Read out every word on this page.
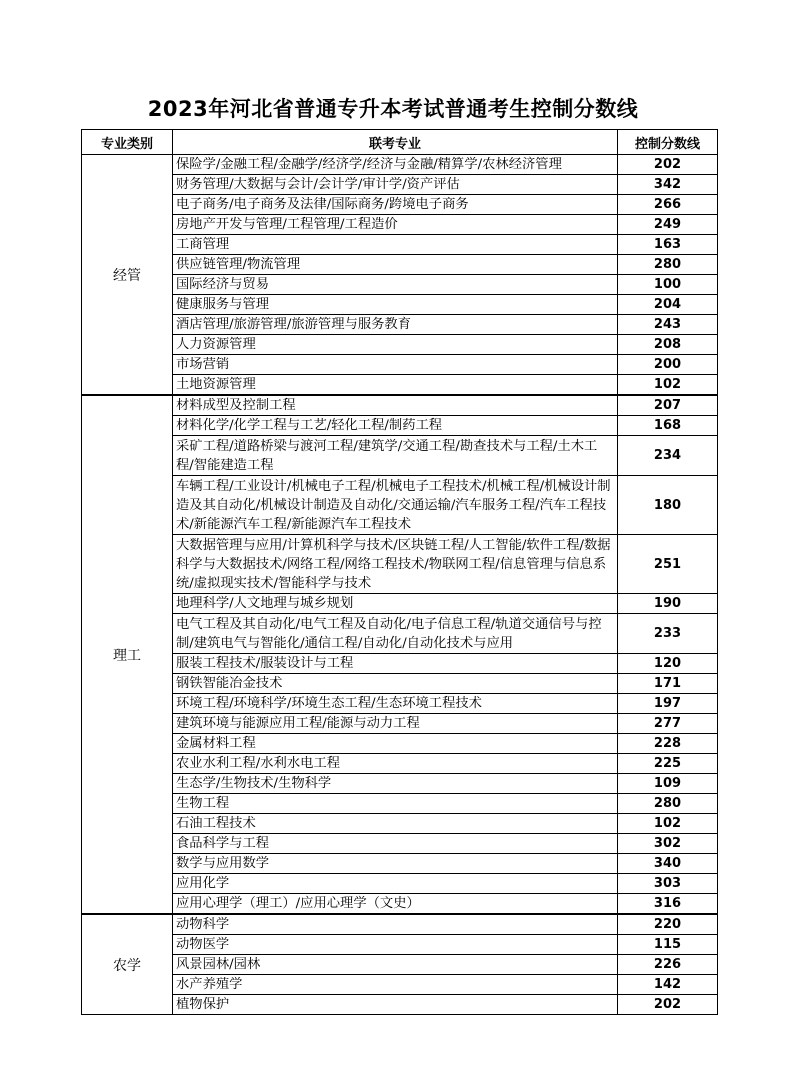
2023年河北省普通专升本考试普通考生控制分数线
专业类别	联考专业	控制分数线
经管	保险学/金融工程/金融学/经济学/经济与金融/精算学/农林经济管理	202
	财务管理/大数据与会计/会计学/审计学/资产评估	342
	电子商务/电子商务及法律/国际商务/跨境电子商务	266
	房地产开发与管理/工程管理/工程造价	249
	工商管理	163
	供应链管理/物流管理	280
	国际经济与贸易	100
	健康服务与管理	204
	酒店管理/旅游管理/旅游管理与服务教育	243
	人力资源管理	208
	市场营销	200
	土地资源管理	102
理工	材料成型及控制工程	207
	材料化学/化学工程与工艺/轻化工程/制药工程	168
	采矿工程/道路桥梁与渡河工程/建筑学/交通工程/勘查技术与工程/土木工程/智能建造工程	234
	车辆工程/工业设计/机械电子工程/机械电子工程技术/机械工程/机械设计制造及其自动化/机械设计制造及自动化/交通运输/汽车服务工程/汽车工程技术/新能源汽车工程/新能源汽车工程技术	180
	大数据管理与应用/计算机科学与技术/区块链工程/人工智能/软件工程/数据科学与大数据技术/网络工程/网络工程技术/物联网工程/信息管理与信息系统/虚拟现实技术/智能科学与技术	251
	地理科学/人文地理与城乡规划	190
	电气工程及其自动化/电气工程及自动化/电子信息工程/轨道交通信号与控制/建筑电气与智能化/通信工程/自动化/自动化技术与应用	233
	服装工程技术/服装设计与工程	120
	钢铁智能冶金技术	171
	环境工程/环境科学/环境生态工程/生态环境工程技术	197
	建筑环境与能源应用工程/能源与动力工程	277
	金属材料工程	228
	农业水利工程/水利水电工程	225
	生态学/生物技术/生物科学	109
	生物工程	280
	石油工程技术	102
	食品科学与工程	302
	数学与应用数学	340
	应用化学	303
	应用心理学（理工）/应用心理学（文史）	316
农学	动物科学	220
	动物医学	115
	风景园林/园林	226
	水产养殖学	142
	植物保护	202
